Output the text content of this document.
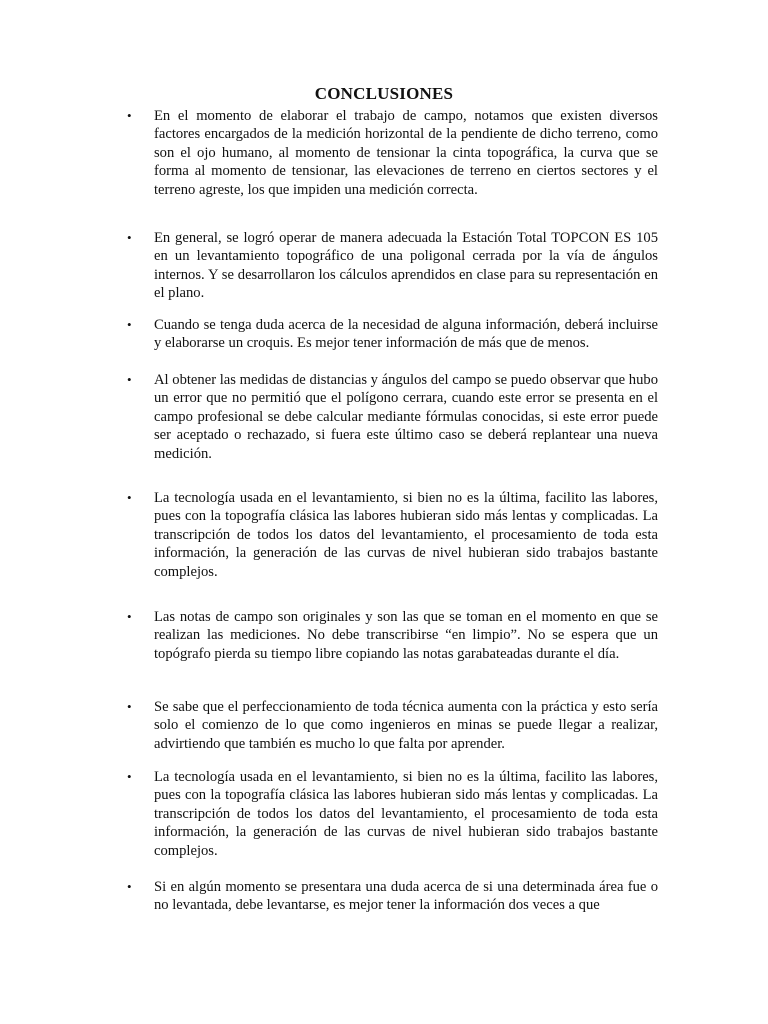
CONCLUSIONES
• En el momento de elaborar el trabajo de campo, notamos que existen diversos factores encargados de la medición horizontal de la pendiente de dicho terreno, como son el ojo humano, al momento de tensionar la cinta topográfica, la curva que se forma al momento de tensionar, las elevaciones de terreno en ciertos sectores y el terreno agreste, los que impiden una medición correcta.
• En general, se logró operar de manera adecuada la Estación Total TOPCON ES 105 en un levantamiento topográfico de una poligonal cerrada por la vía de ángulos internos. Y se desarrollaron los cálculos aprendidos en clase para su representación en el plano.
• Cuando se tenga duda acerca de la necesidad de alguna información, deberá incluirse y elaborarse un croquis. Es mejor tener información de más que de menos.
• Al obtener las medidas de distancias y ángulos del campo se puedo observar que hubo un error que no permitió que el polígono cerrara, cuando este error se presenta en el campo profesional se debe calcular mediante fórmulas conocidas, si este error puede ser aceptado o rechazado, si fuera este último caso se deberá replantear una nueva medición.
• La tecnología usada en el levantamiento, si bien no es la última, facilito las labores, pues con la topografía clásica las labores hubieran sido más lentas y complicadas. La transcripción de todos los datos del levantamiento, el procesamiento de toda esta información, la generación de las curvas de nivel hubieran sido trabajos bastante complejos.
• Las notas de campo son originales y son las que se toman en el momento en que se realizan las mediciones. No debe transcribirse “en limpio”. No se espera que un topógrafo pierda su tiempo libre copiando las notas garabateadas durante el día.
• Se sabe que el perfeccionamiento de toda técnica aumenta con la práctica y esto sería solo el comienzo de lo que como ingenieros en minas se puede llegar a realizar, advirtiendo que también es mucho lo que falta por aprender.
• La tecnología usada en el levantamiento, si bien no es la última, facilito las labores, pues con la topografía clásica las labores hubieran sido más lentas y complicadas. La transcripción de todos los datos del levantamiento, el procesamiento de toda esta información, la generación de las curvas de nivel hubieran sido trabajos bastante complejos.
• Si en algún momento se presentara una duda acerca de si una determinada área fue o no levantada, debe levantarse, es mejor tener la información dos veces a que
